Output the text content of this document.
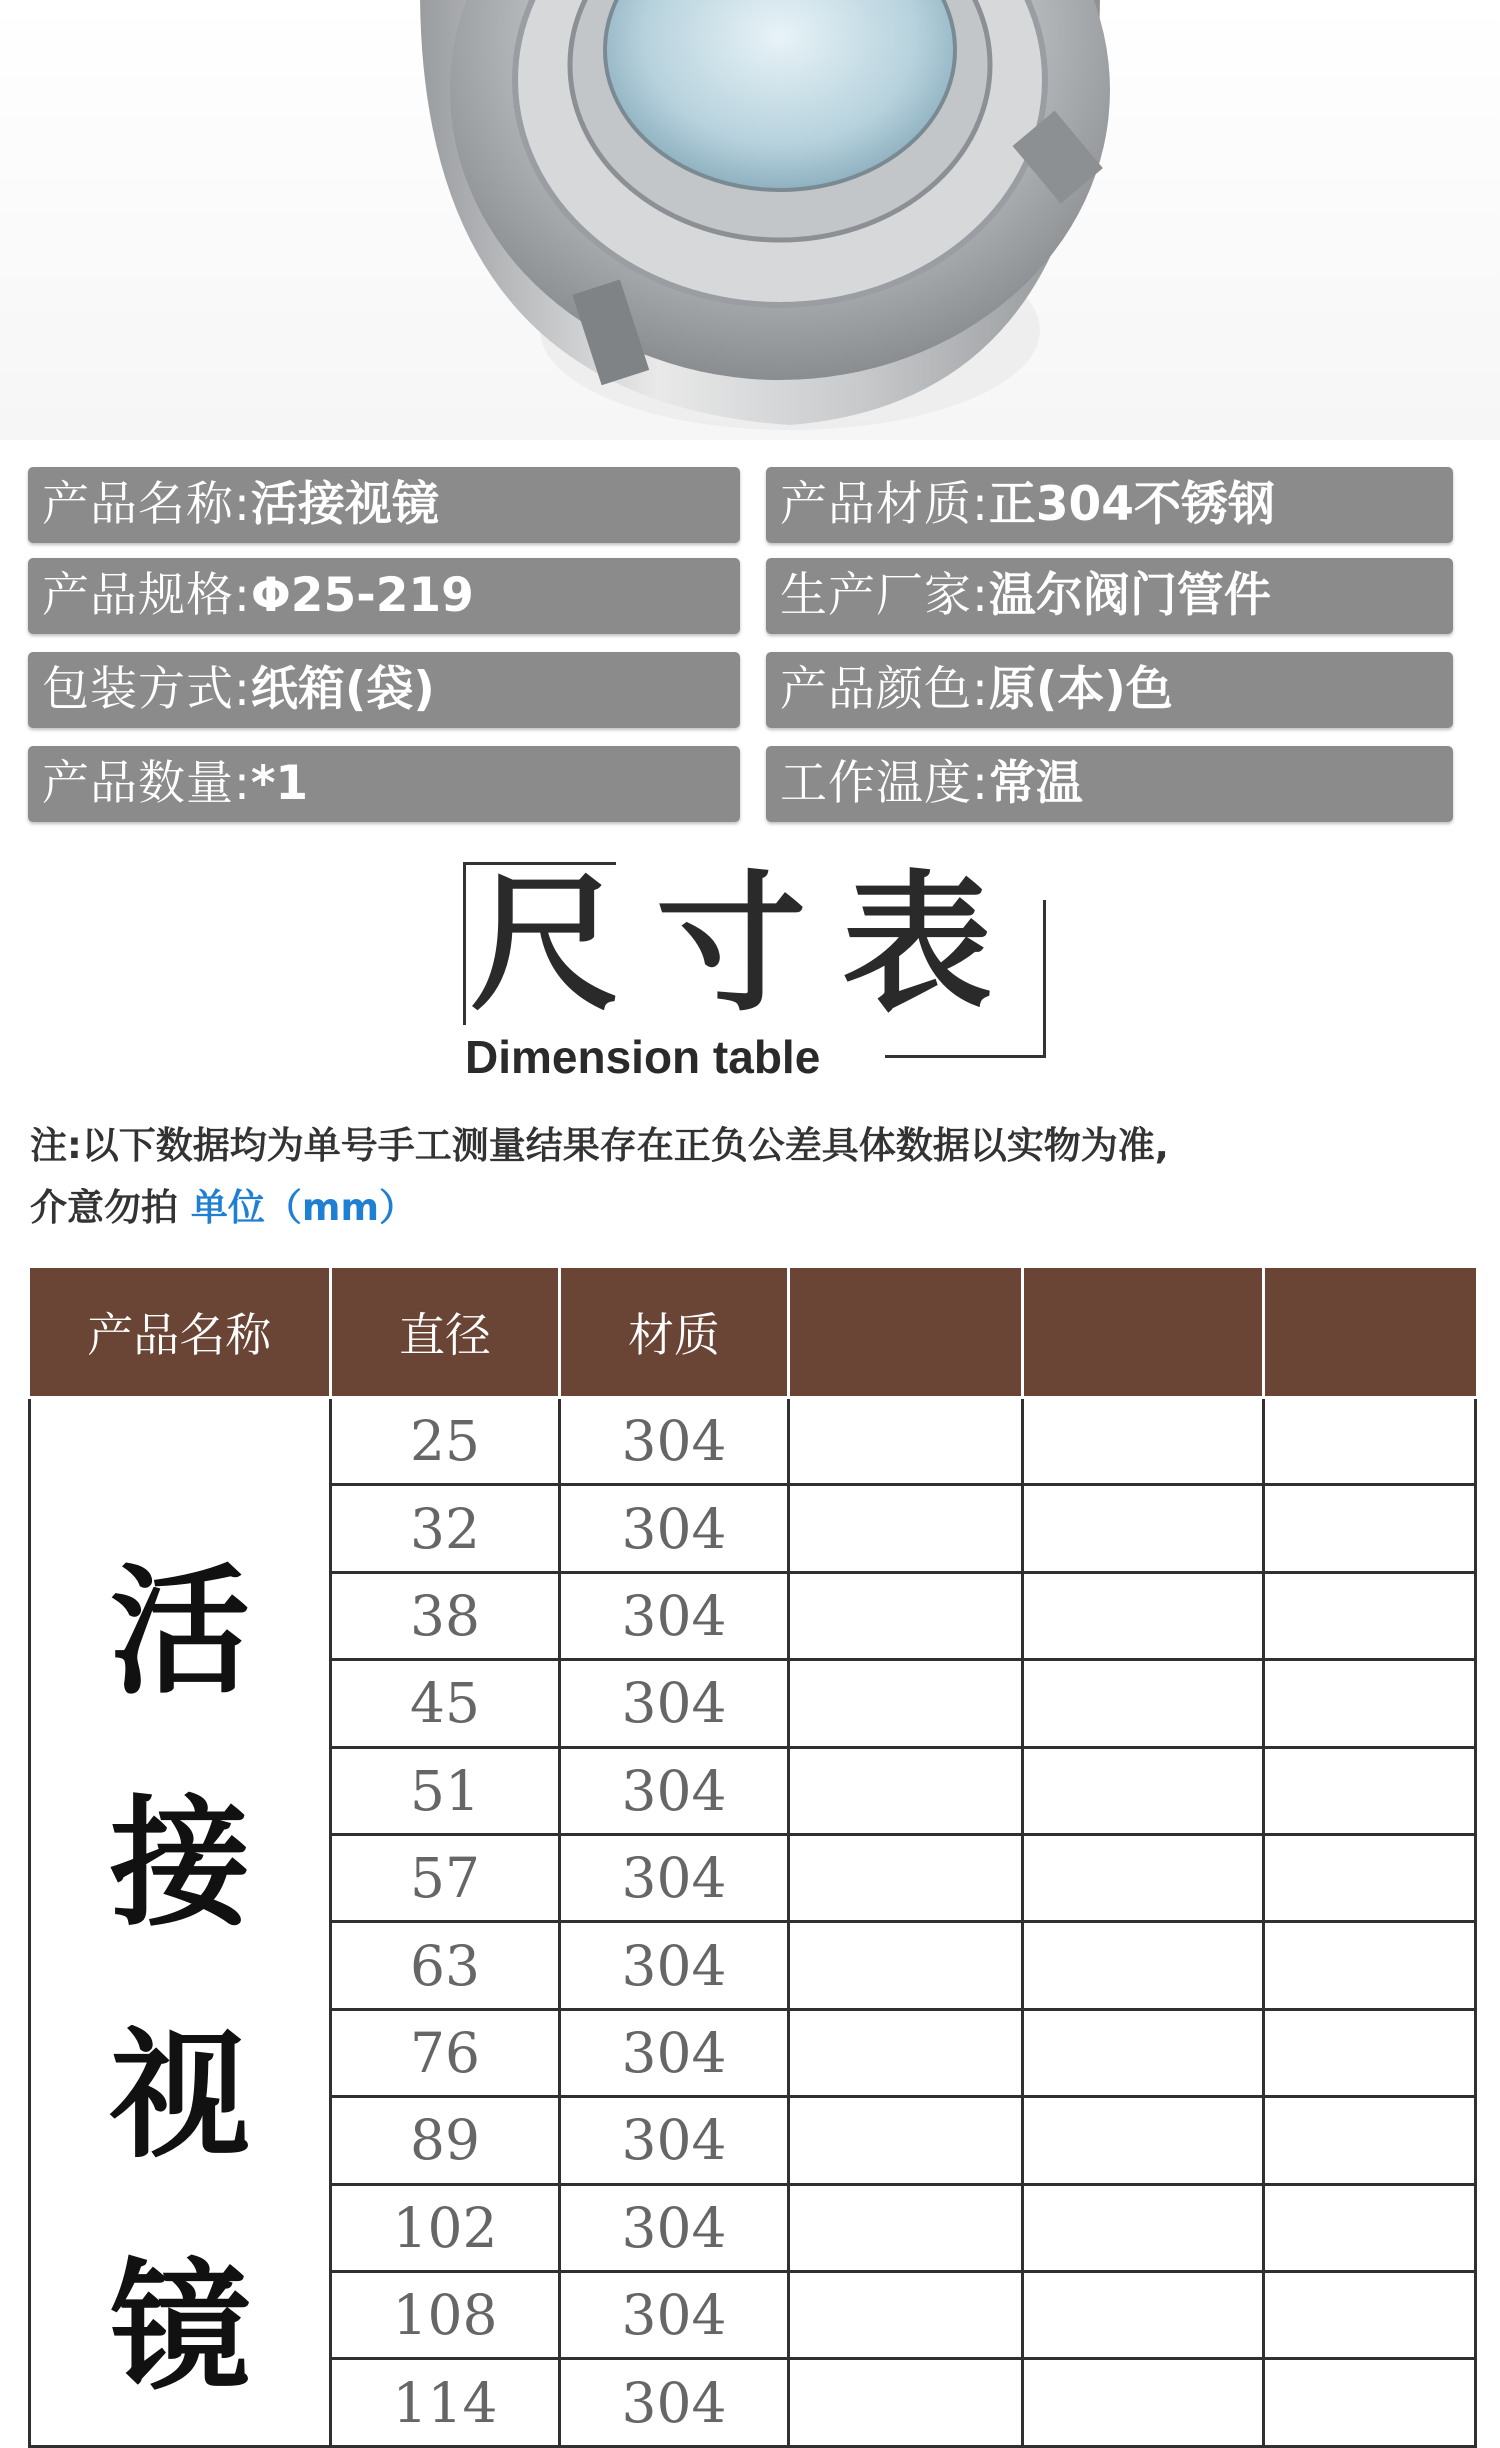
产品名称:活接视镜	产品材质:正304不锈钢
产品规格:Φ25-219	生产厂家:温尔阀门管件
包装方式:纸箱(袋)	产品颜色:原(本)色
产品数量:*1	工作温度:常温
尺寸表
Dimension table
注:以下数据均为单号手工测量结果存在正负公差具体数据以实物为准,
介意勿拍 单位（mm）
产品名称	直径	材质			

活接视镜	25	304			
	32	304			
	38	304			
	45	304			
	51	304			
	57	304			
	63	304			
	76	304			
	89	304			
	102	304			
	108	304			
	114	304			
